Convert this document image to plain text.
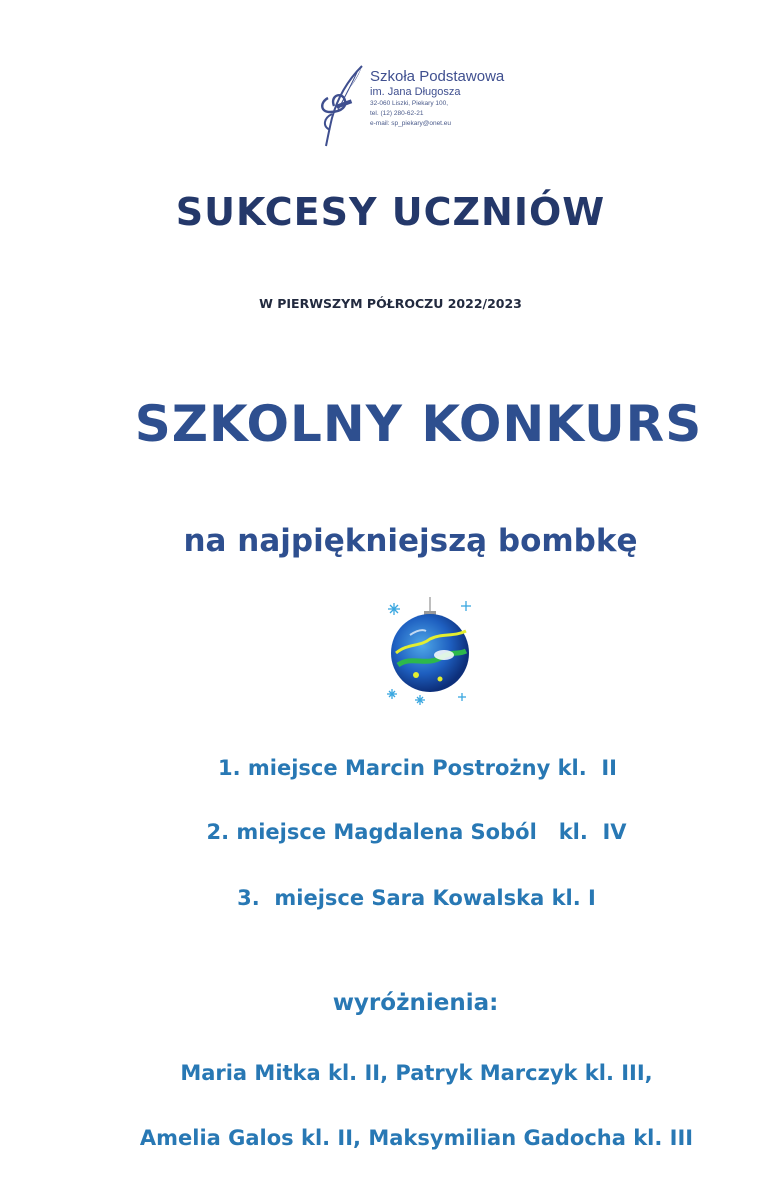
Szkoła Podstawowa
im. Jana Długosza
32-060 Liszki, Piekary 100,
tel. (12) 280-62-21
e-mail: sp_piekary@onet.eu
SUKCESY UCZNIÓW
W PIERWSZYM PÓŁROCZU 2022/2023
SZKOLNY KONKURS
na najpiękniejszą bombkę
1. miejsce Marcin Postrożny kl.  II
2. miejsce Magdalena Soból   kl.  IV
3.  miejsce Sara Kowalska kl. I
wyróżnienia:
Maria Mitka kl. II, Patryk Marczyk kl. III,
Amelia Galos kl. II, Maksymilian Gadocha kl. III
